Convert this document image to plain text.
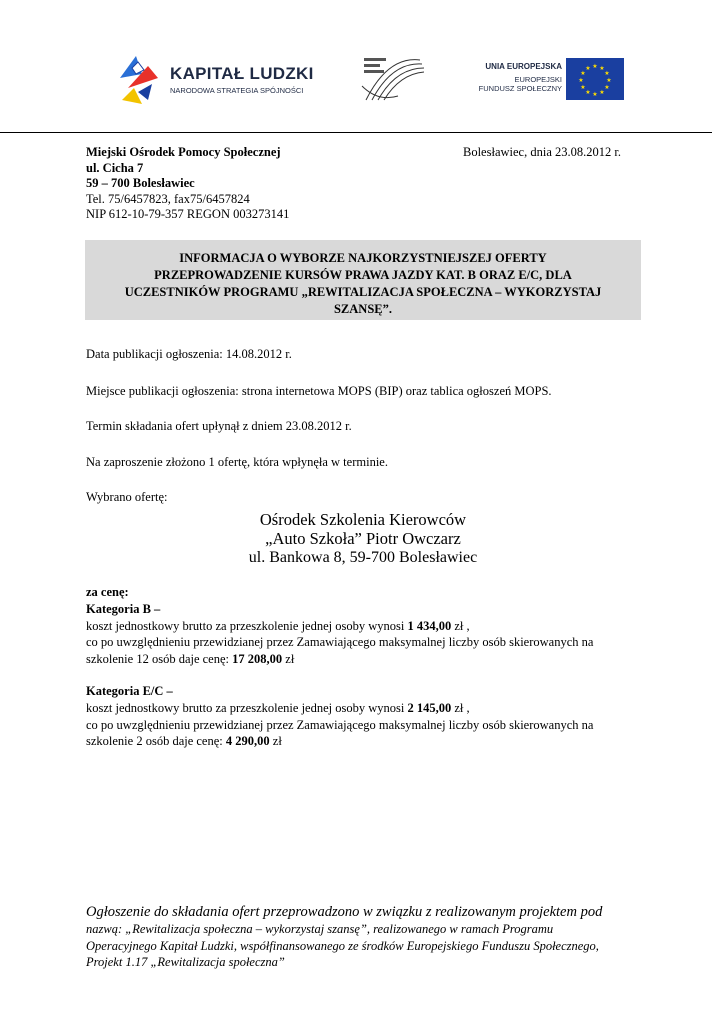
KAPITAŁ LUDZKI
NARODOWA STRATEGIA SPÓJNOŚCI
UNIA EUROPEJSKA
EUROPEJSKI
FUNDUSZ SPOŁECZNY
★ ★
★
★
★
★
★
★
★
★
★
★
Miejski Ośrodek Pomocy Społecznej
ul. Cicha 7
59 – 700 Bolesławiec
Tel. 75/6457823, fax75/6457824
NIP 612-10-79-357 REGON 003273141
Bolesławiec, dnia 23.08.2012 r.
INFORMACJA O WYBORZE NAJKORZYSTNIEJSZEJ OFERTY
PRZEPROWADZENIE KURSÓW PRAWA JAZDY KAT. B ORAZ E/C, DLA
UCZESTNIKÓW PROGRAMU „REWITALIZACJA SPOŁECZNA – WYKORZYSTAJ
SZANSĘ”.
Data publikacji ogłoszenia: 14.08.2012 r.
Miejsce publikacji ogłoszenia: strona internetowa MOPS (BIP) oraz tablica ogłoszeń MOPS.
Termin składania ofert upłynął z dniem 23.08.2012 r.
Na zaproszenie złożono 1 ofertę, która wpłynęła w terminie.
Wybrano ofertę:
Ośrodek Szkolenia Kierowców
„Auto Szkoła” Piotr Owczarz
ul. Bankowa 8, 59-700 Bolesławiec
za cenę:
Kategoria B –
koszt jednostkowy brutto za przeszkolenie jednej osoby wynosi 1 434,00 zł ,
co po uwzględnieniu przewidzianej przez Zamawiającego maksymalnej liczby osób skierowanych na
szkolenie 12 osób daje cenę: 17 208,00 zł
Kategoria E/C –
koszt jednostkowy brutto za przeszkolenie jednej osoby wynosi 2 145,00 zł ,
co po uwzględnieniu przewidzianej przez Zamawiającego maksymalnej liczby osób skierowanych na
szkolenie 2 osób daje cenę: 4 290,00 zł
Ogłoszenie do składania ofert przeprowadzono w związku z realizowanym projektem pod
nazwą: „Rewitalizacja społeczna – wykorzystaj szansę”, realizowanego w ramach Programu
Operacyjnego Kapitał Ludzki, współfinansowanego ze środków Europejskiego Funduszu Społecznego,
Projekt 1.17 „Rewitalizacja społeczna”
